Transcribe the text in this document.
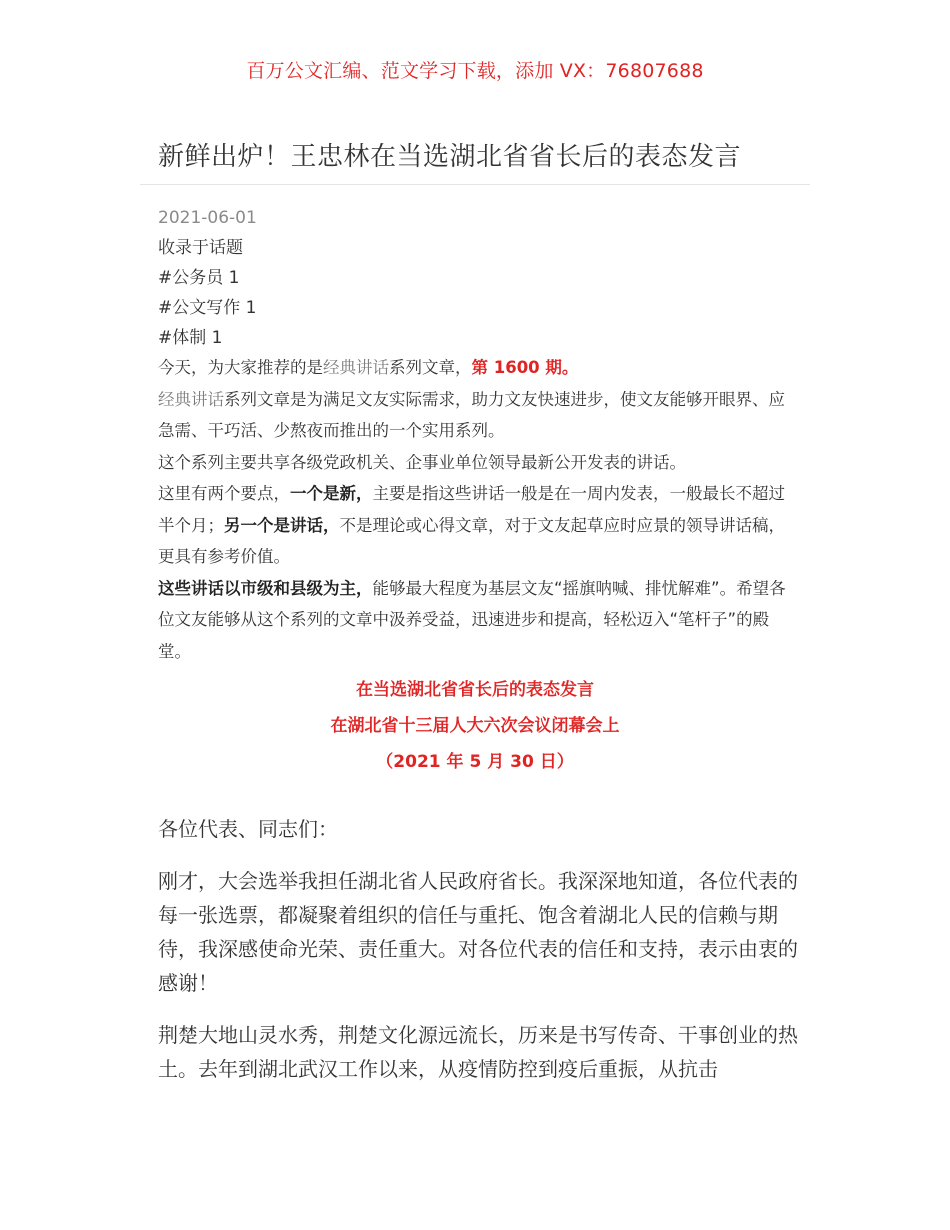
百万公文汇编、范文学习下载，添加 VX：76807688
新鲜出炉！王忠林在当选湖北省省长后的表态发言
2021-06-01
收录于话题
#公务员 1
#公文写作 1
#体制 1

今天，为大家推荐的是经典讲话系列文章，第 1600 期。

经典讲话系列文章是为满足文友实际需求，助力文友快速进步，使文友能够开眼界、应急需、干巧活、少熬夜而推出的一个实用系列。

这个系列主要共享各级党政机关、企事业单位领导最新公开发表的讲话。

这里有两个要点，一个是新，主要是指这些讲话一般是在一周内发表，一般最长不超过半个月；另一个是讲话，不是理论或心得文章，对于文友起草应时应景的领导讲话稿，更具有参考价值。

这些讲话以市级和县级为主，能够最大程度为基层文友“摇旗呐喊、排忧解难”。希望各位文友能够从这个系列的文章中汲养受益，迅速进步和提高，轻松迈入“笔杆子”的殿堂。

在当选湖北省省长后的表态发言
在湖北省十三届人大六次会议闭幕会上
（2021 年 5 月 30 日）

各位代表、同志们：

刚才，大会选举我担任湖北省人民政府省长。我深深地知道，各位代表的每一张选票，都凝聚着组织的信任与重托、饱含着湖北人民的信赖与期待，我深感使命光荣、责任重大。对各位代表的信任和支持，表示由衷的感谢！

荆楚大地山灵水秀，荆楚文化源远流长，历来是书写传奇、干事创业的热土。去年到湖北武汉工作以来，从疫情防控到疫后重振，从抗击
